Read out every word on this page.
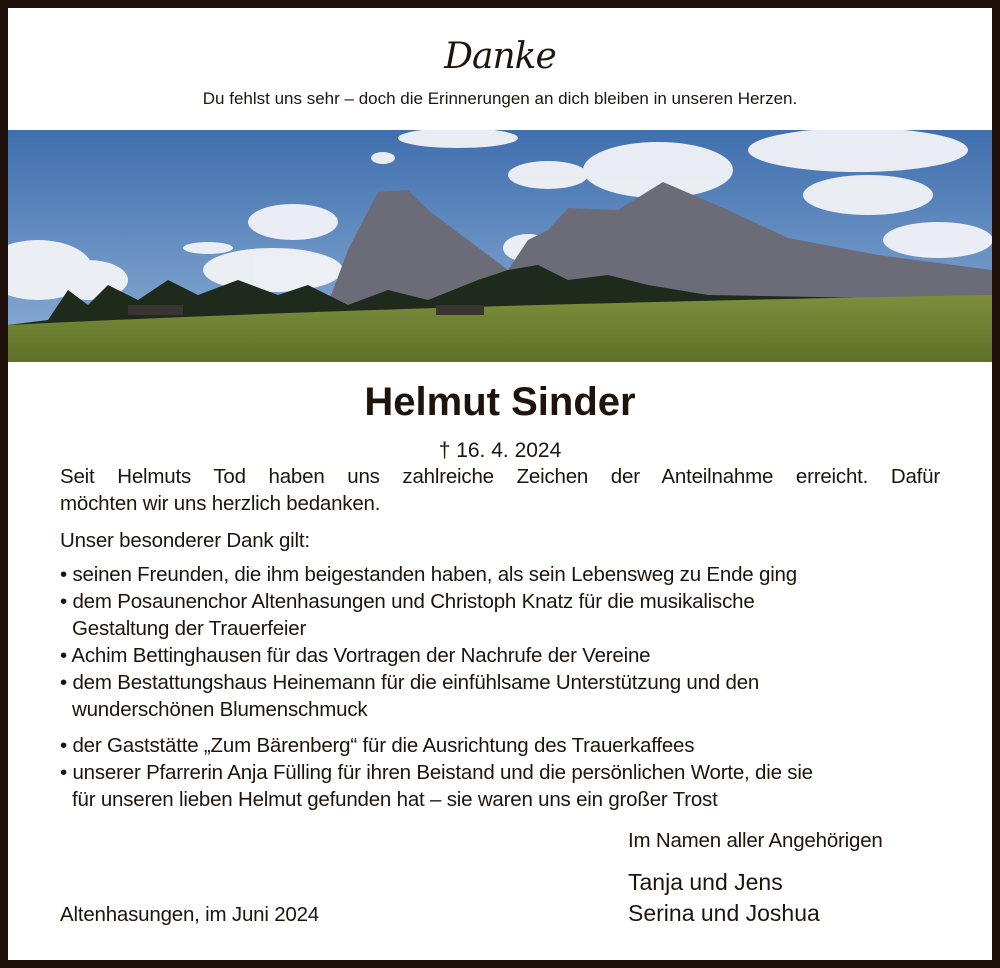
Danke
Du fehlst uns sehr – doch die Erinnerungen an dich bleiben in unseren Herzen.
Helmut Sinder
† 16. 4. 2024
Seit Helmuts Tod haben uns zahlreiche Zeichen der Anteilnahme erreicht. Dafür
möchten wir uns herzlich bedanken.
Unser besonderer Dank gilt:
• seinen Freunden, die ihm beigestanden haben, als sein Lebensweg zu Ende ging
• dem Posaunenchor Altenhasungen und Christoph Knatz für die musikalische
Gestaltung der Trauerfeier
• Achim Bettinghausen für das Vortragen der Nachrufe der Vereine
• dem Bestattungshaus Heinemann für die einfühlsame Unterstützung und den
wunderschönen Blumenschmuck
• der Gaststätte „Zum Bärenberg“ für die Ausrichtung des Trauerkaffees
• unserer Pfarrerin Anja Fülling für ihren Beistand und die persönlichen Worte, die sie
für unseren lieben Helmut gefunden hat – sie waren uns ein großer Trost
Im Namen aller Angehörigen
Tanja und Jens
Serina und Joshua
Altenhasungen, im Juni 2024
